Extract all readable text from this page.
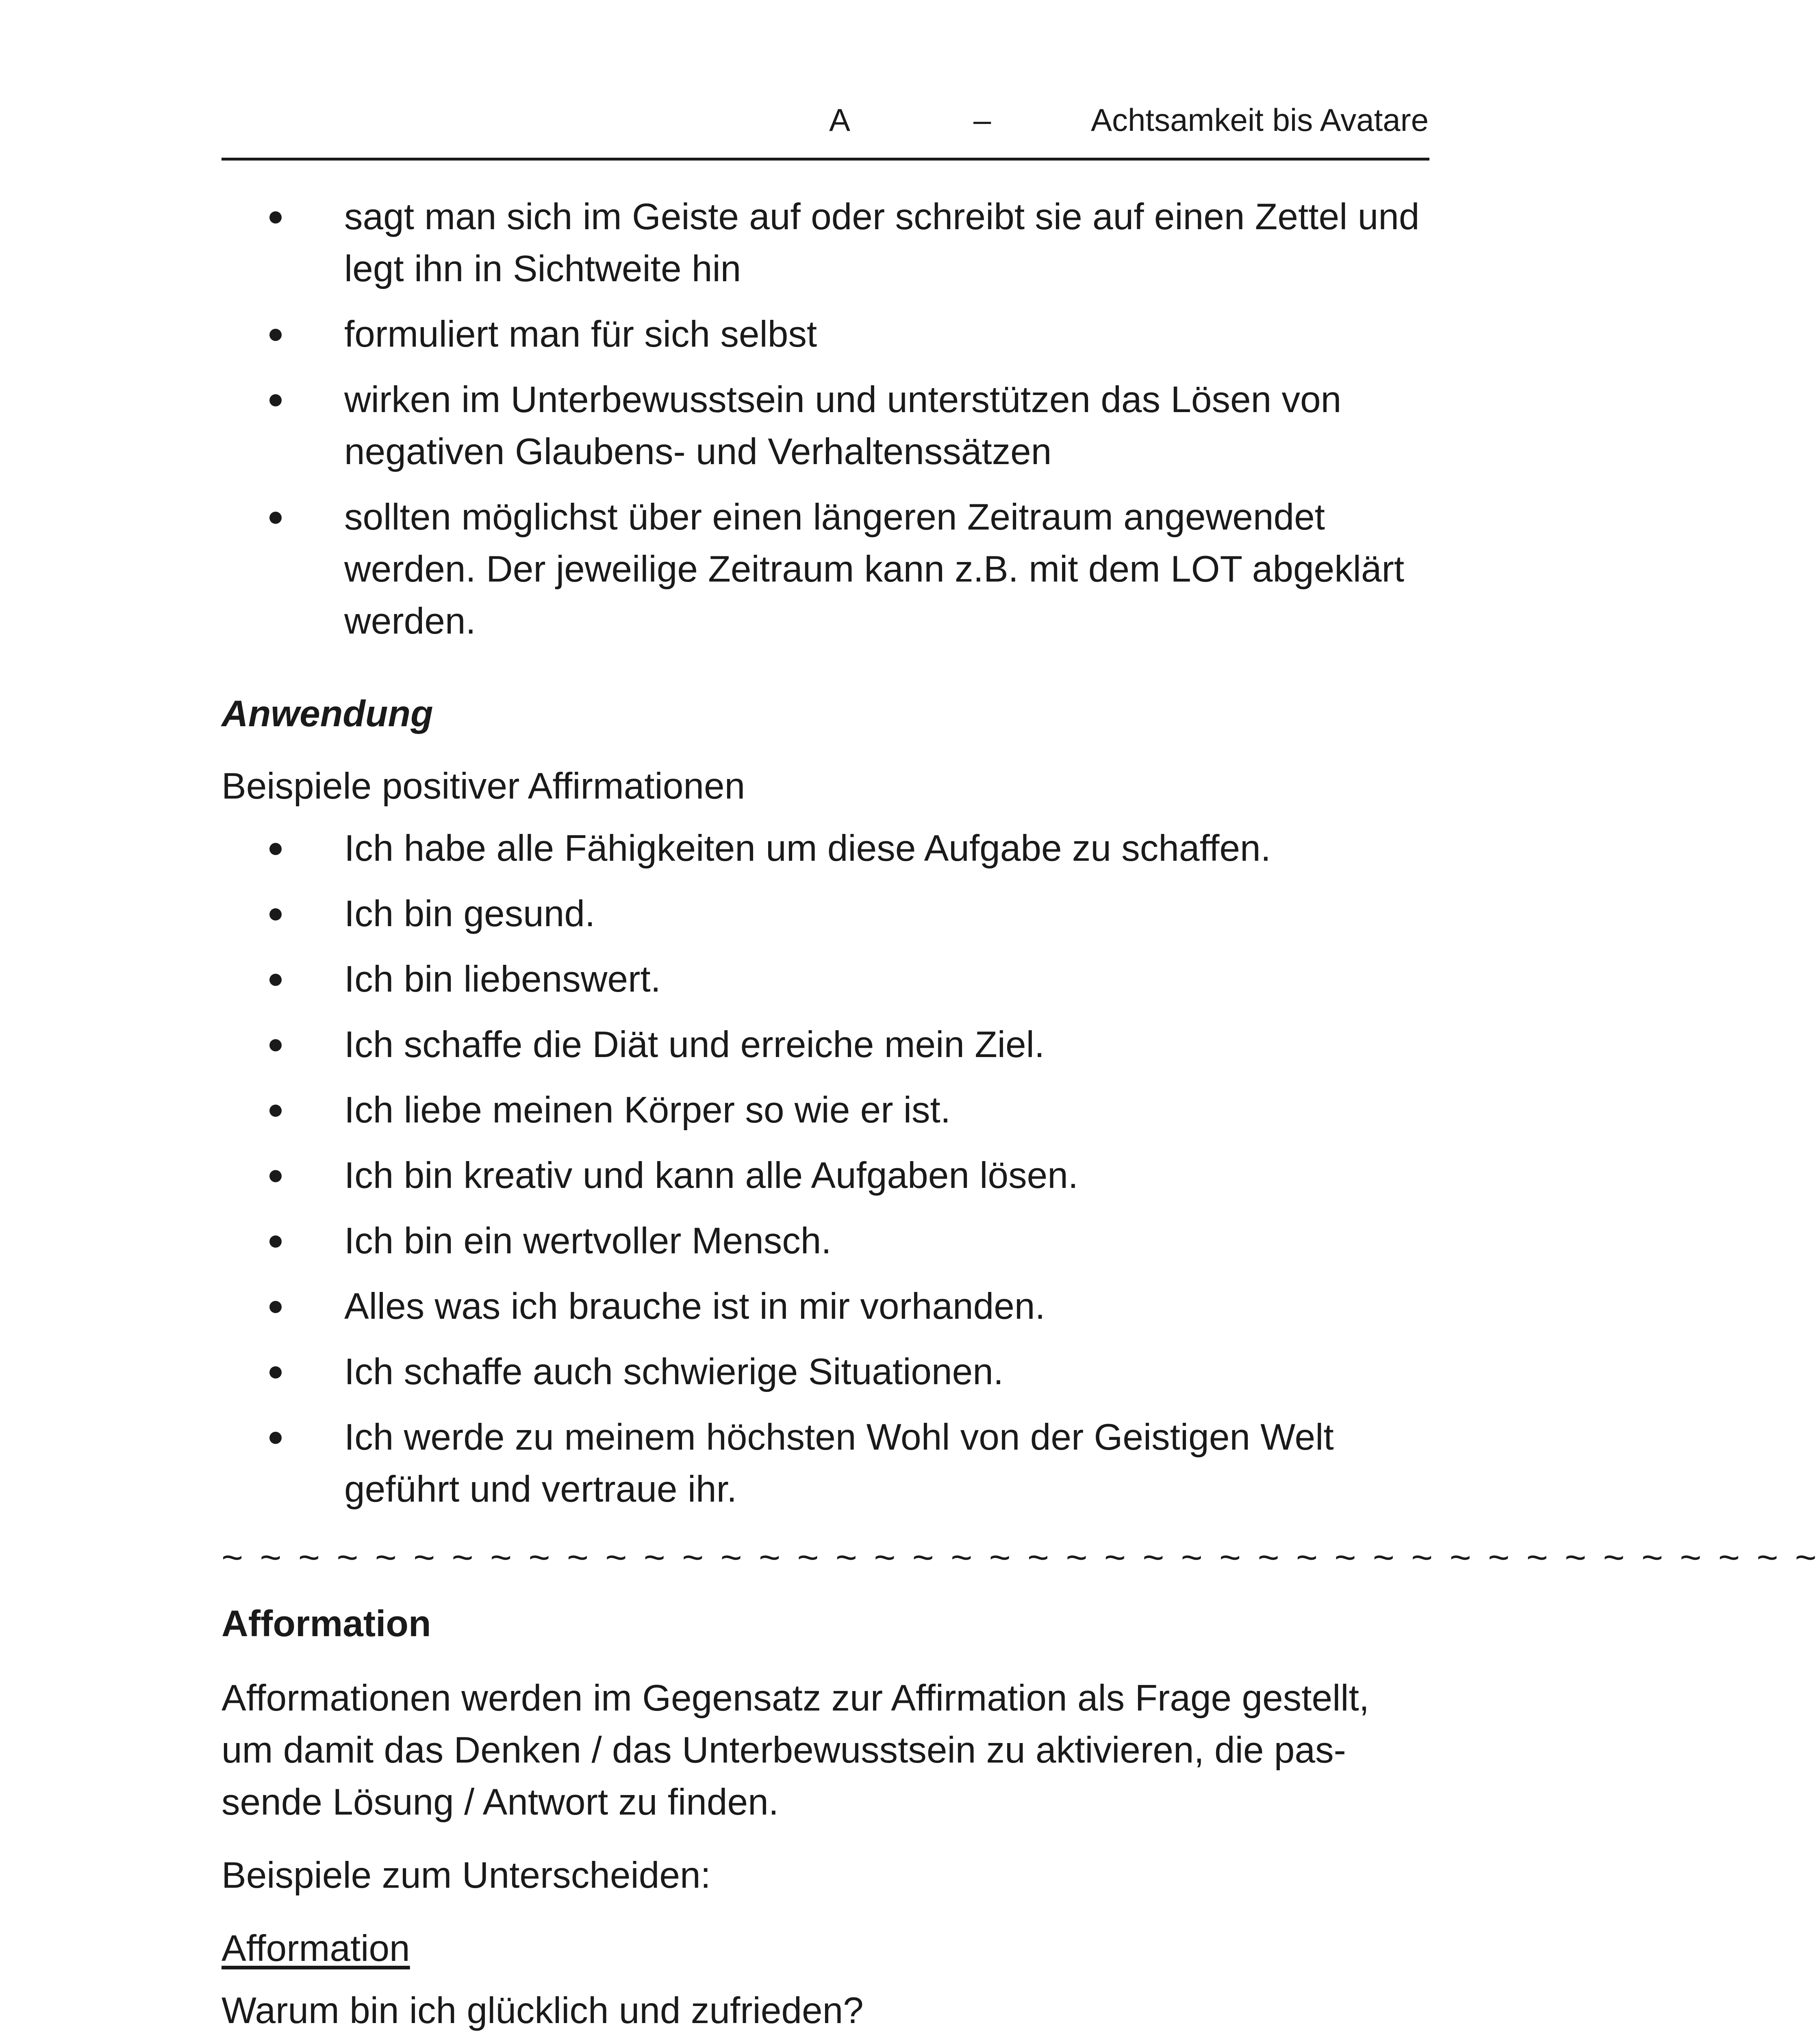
A	–	Achtsamkeit bis Avatare
sagt man sich im Geiste auf oder schreibt sie auf einen Zettel und legt ihn in Sichtweite hin
formuliert man für sich selbst
wirken im Unterbewusstsein und unterstützen das Lösen von negativen Glaubens- und Verhaltenssätzen
sollten möglichst über einen längeren Zeitraum angewendet werden. Der jeweilige Zeitraum kann z.B. mit dem LOT abgeklärt werden.
Anwendung
Beispiele positiver Affirmationen
Ich habe alle Fähigkeiten um diese Aufgabe zu schaffen.
Ich bin gesund.
Ich bin liebenswert.
Ich schaffe die Diät und erreiche mein Ziel.
Ich liebe meinen Körper so wie er ist.
Ich bin kreativ und kann alle Aufgaben lösen.
Ich bin ein wertvoller Mensch.
Alles was ich brauche ist in mir vorhanden.
Ich schaffe auch schwierige Situationen.
Ich werde zu meinem höchsten Wohl von der Geistigen Welt geführt und vertraue ihr.
~ ~ ~ ~ ~ ~ ~ ~ ~ ~ ~ ~ ~ ~ ~ ~ ~ ~ ~ ~ ~ ~ ~ ~ ~ ~ ~ ~ ~ ~ ~ ~ ~ ~ ~ ~ ~ ~ ~ ~ ~ ~
Afformation
Afformationen werden im Gegensatz zur Affirmation als Frage gestellt, um damit das Denken / das Unterbewusstsein zu aktivieren, die pas-sende Lösung / Antwort zu finden.
Beispiele zum Unterscheiden:
Afformation
Warum bin ich glücklich und zufrieden?
